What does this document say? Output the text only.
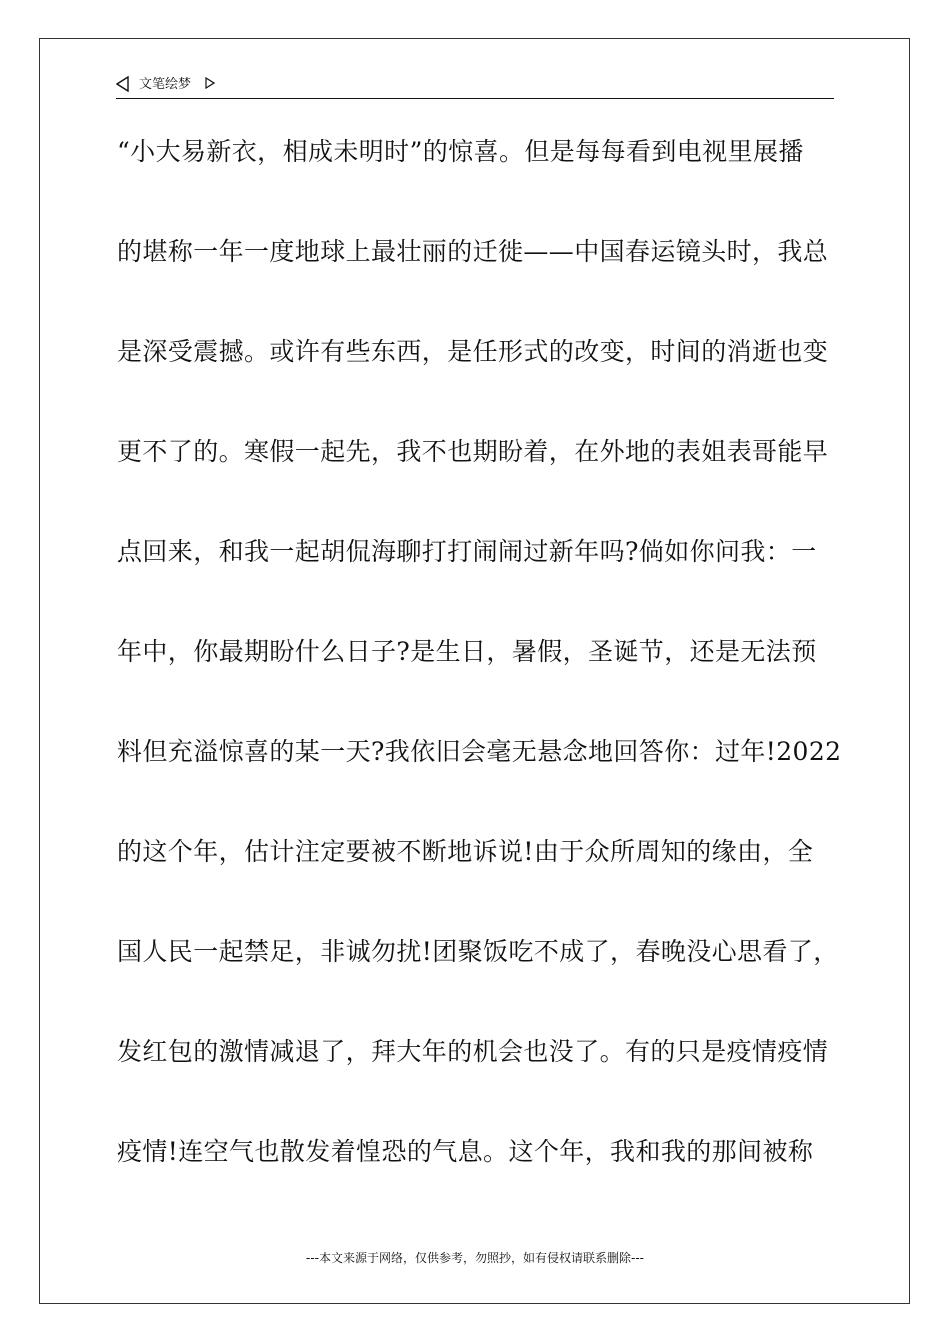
文笔绘梦
“小大易新衣，相成未明时”的惊喜。但是每每看到电视里展播
的堪称一年一度地球上最壮丽的迁徙——中国春运镜头时，我总
是深受震撼。或许有些东西，是任形式的改变，时间的消逝也变
更不了的。寒假一起先，我不也期盼着，在外地的表姐表哥能早
点回来，和我一起胡侃海聊打打闹闹过新年吗?倘如你问我：一
年中，你最期盼什么日子?是生日，暑假，圣诞节，还是无法预
料但充溢惊喜的某一天?我依旧会毫无悬念地回答你：过年!2022
的这个年，估计注定要被不断地诉说!由于众所周知的缘由，全
国人民一起禁足，非诚勿扰!团聚饭吃不成了，春晚没心思看了，
发红包的激情减退了，拜大年的机会也没了。有的只是疫情疫情
疫情!连空气也散发着惶恐的气息。这个年，我和我的那间被称
---本文来源于网络，仅供参考，勿照抄，如有侵权请联系删除---
